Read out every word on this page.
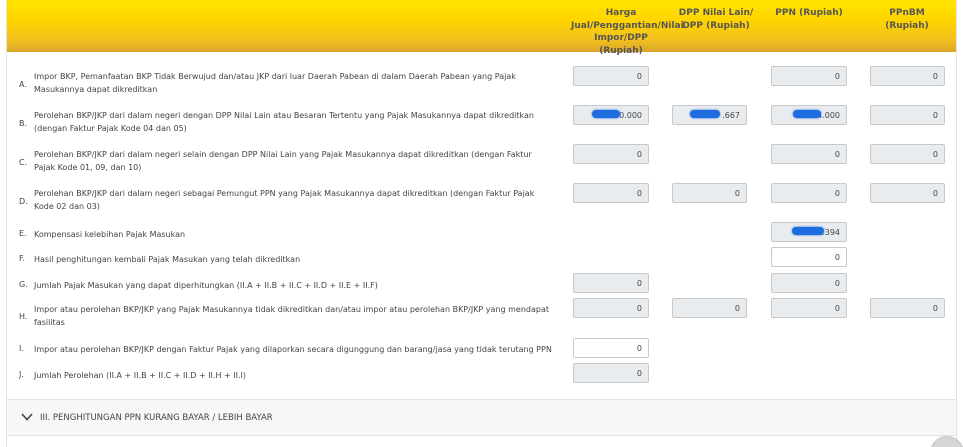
Harga Jual/Penggantian/Nilai Impor/DPP (Rupiah)
DPP Nilai Lain/ DPP (Rupiah)
PPN (Rupiah)	PPnBM (Rupiah)
A.
Impor BKP, Pemanfaatan BKP Tidak Berwujud dan/atau JKP dari luar Daerah Pabean di dalam Daerah Pabean yang Pajak Masukannya dapat dikreditkan
0
0
0
B.
Perolehan BKP/JKP dari dalam negeri dengan DPP Nilai Lain atau Besaran Tertentu yang Pajak Masukannya dapat dikreditkan (dengan Faktur Pajak Kode 04 dan 05)
00.000
.667
4.000
0
C.
Perolehan BKP/JKP dari dalam negeri selain dengan DPP Nilai Lain yang Pajak Masukannya dapat dikreditkan (dengan Faktur Pajak Kode 01, 09, dan 10)
0
0
0
D.
Perolehan BKP/JKP dari dalam negeri sebagai Pemungut PPN yang Pajak Masukannya dapat dikreditkan (dengan Faktur Pajak Kode 02 dan 03)
0
0
0
0
E. Kompensasi kelebihan Pajak Masukan
3.394
F. Hasil penghitungan kembali Pajak Masukan yang telah dikreditkan
0
G. Jumlah Pajak Masukan yang dapat diperhitungkan (II.A + II.B + II.C + II.D + II.E + II.F)
0
0
H.
Impor atau perolehan BKP/JKP yang Pajak Masukannya tidak dikreditkan dan/atau impor atau perolehan BKP/JKP yang mendapat fasilitas
0
0
0
0
I. Impor atau perolehan BKP/JKP dengan Faktur Pajak yang dilaporkan secara digunggung dan barang/jasa yang tidak terutang PPN
0
J. Jumlah Perolehan (II.A + II.B + II.C + II.D + II.H + II.I)
0
III. PENGHITUNGAN PPN KURANG BAYAR / LEBIH BAYAR
